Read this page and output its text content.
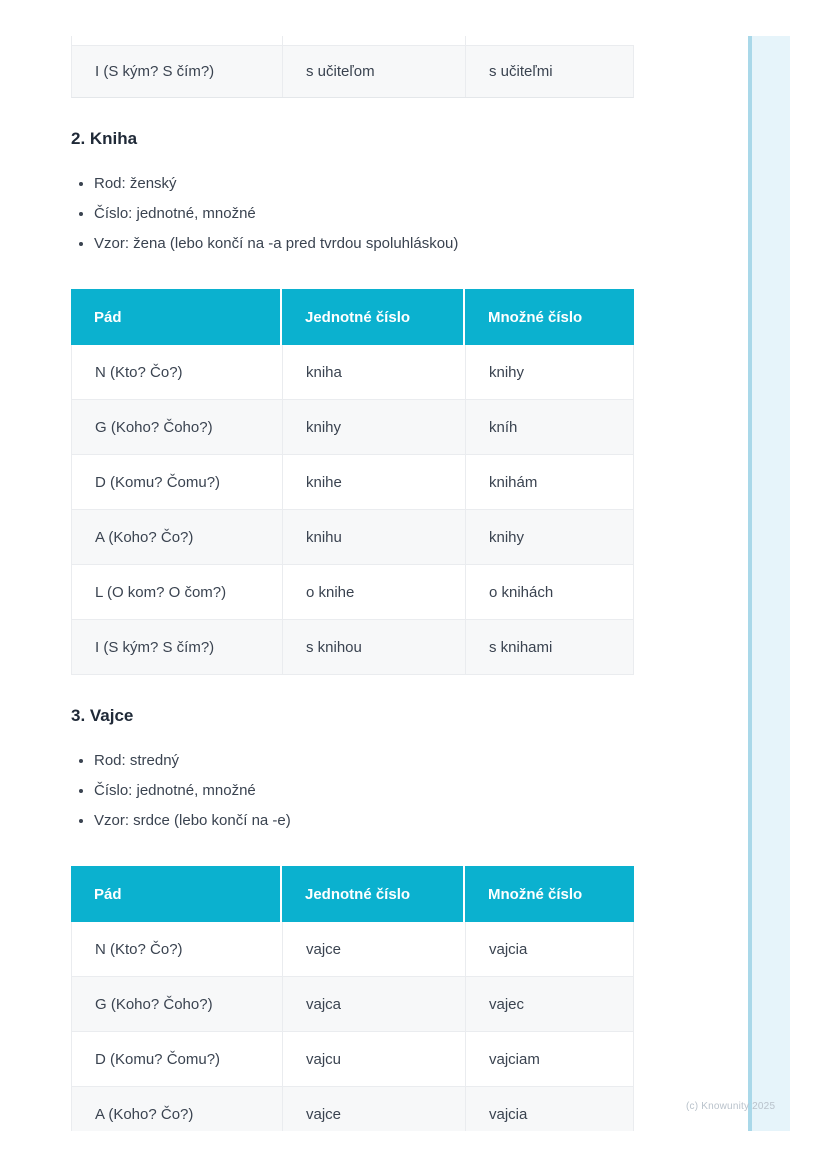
I (S kým? S čím?)	s učiteľom	s učiteľmi
2. Kniha
• Rod: ženský
• Číslo: jednotné, množné
• Vzor: žena (lebo končí na -a pred tvrdou spoluhláskou)
Pád	Jednotné číslo	Množné číslo
N (Kto? Čo?)	kniha	knihy
G (Koho? Čoho?)	knihy	kníh
D (Komu? Čomu?)	knihe	knihám
A (Koho? Čo?)	knihu	knihy
L (O kom? O čom?)	o knihe	o knihách
I (S kým? S čím?)	s knihou	s knihami
3. Vajce
• Rod: stredný
• Číslo: jednotné, množné
• Vzor: srdce (lebo končí na -e)
Pád	Jednotné číslo	Množné číslo
N (Kto? Čo?)	vajce	vajcia
G (Koho? Čoho?)	vajca	vajec
D (Komu? Čomu?)	vajcu	vajciam
A (Koho? Čo?)	vajce	vajcia	(c) Knowunity 2025
